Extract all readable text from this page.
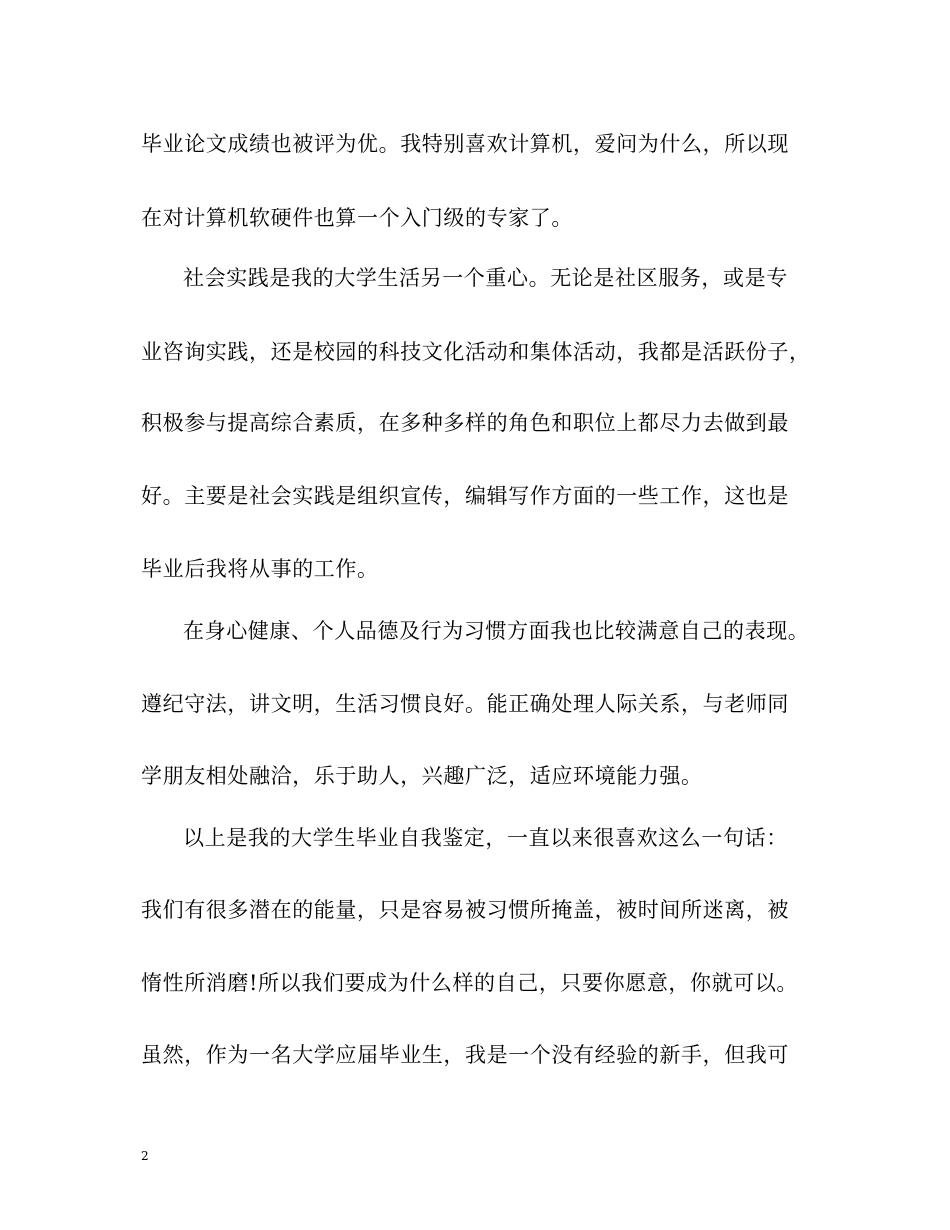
毕业论文成绩也被评为优。我特别喜欢计算机，爱问为什么，所以现
在对计算机软硬件也算一个入门级的专家了。
社会实践是我的大学生活另一个重心。无论是社区服务，或是专
业咨询实践，还是校园的科技文化活动和集体活动，我都是活跃份子，
积极参与提高综合素质，在多种多样的角色和职位上都尽力去做到最
好。主要是社会实践是组织宣传，编辑写作方面的一些工作，这也是
毕业后我将从事的工作。
在身心健康、个人品德及行为习惯方面我也比较满意自己的表现。
遵纪守法，讲文明，生活习惯良好。能正确处理人际关系，与老师同
学朋友相处融洽，乐于助人，兴趣广泛，适应环境能力强。
以上是我的大学生毕业自我鉴定，一直以来很喜欢这么一句话：
我们有很多潜在的能量，只是容易被习惯所掩盖，被时间所迷离，被
惰性所消磨!所以我们要成为什么样的自己，只要你愿意，你就可以。
虽然，作为一名大学应届毕业生，我是一个没有经验的新手，但我可
2
